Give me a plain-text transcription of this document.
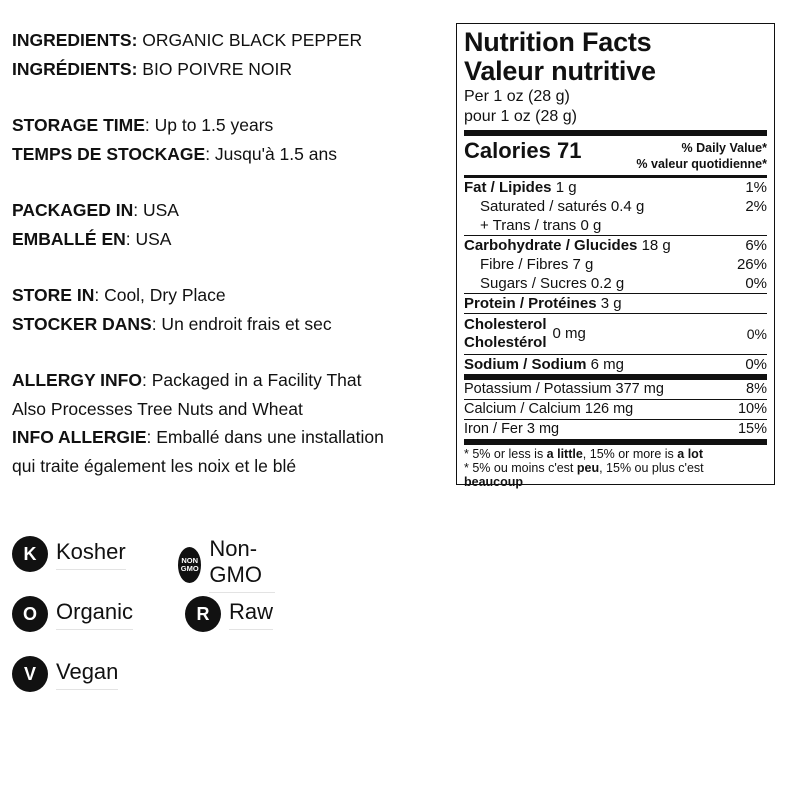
INGREDIENTS: ORGANIC BLACK PEPPER
INGRÉDIENTS: BIO POIVRE NOIR
STORAGE TIME: Up to 1.5 years
TEMPS DE STOCKAGE: Jusqu'à 1.5 ans
PACKAGED IN: USA
EMBALLÉ EN: USA
STORE IN: Cool, Dry Place
STOCKER DANS: Un endroit frais et sec
ALLERGY INFO: Packaged in a Facility That
Also Processes Tree Nuts and Wheat
INFO ALLERGIE: Emballé dans une installation
qui traite également les noix et le blé
Nutrition Facts
Valeur nutritive
Per 1 oz (28 g)
pour 1 oz (28 g)
Calories 71	% Daily Value*
% valeur quotidienne*
Fat / Lipides 1 g	1%
Saturated / saturés 0.4 g	2%
+ Trans / trans 0 g
Carbohydrate / Glucides 18 g	6%
Fibre / Fibres 7 g	26%
Sugars / Sucres 0.2 g	0%
Protein / Protéines 3 g
Cholesterol
Cholestérol
0 mg	0%
Sodium / Sodium 6 mg	0%
Potassium / Potassium 377 mg	8%
Calcium / Calcium 126 mg	10%
Iron / Fer 3 mg	15%
* 5% or less is a little, 15% or more is a lot
* 5% ou moins c'est peu, 15% ou plus c'est
beaucoup
K Kosher	NON
GMO
Non-GMO
O Organic	R Raw
V Vegan
